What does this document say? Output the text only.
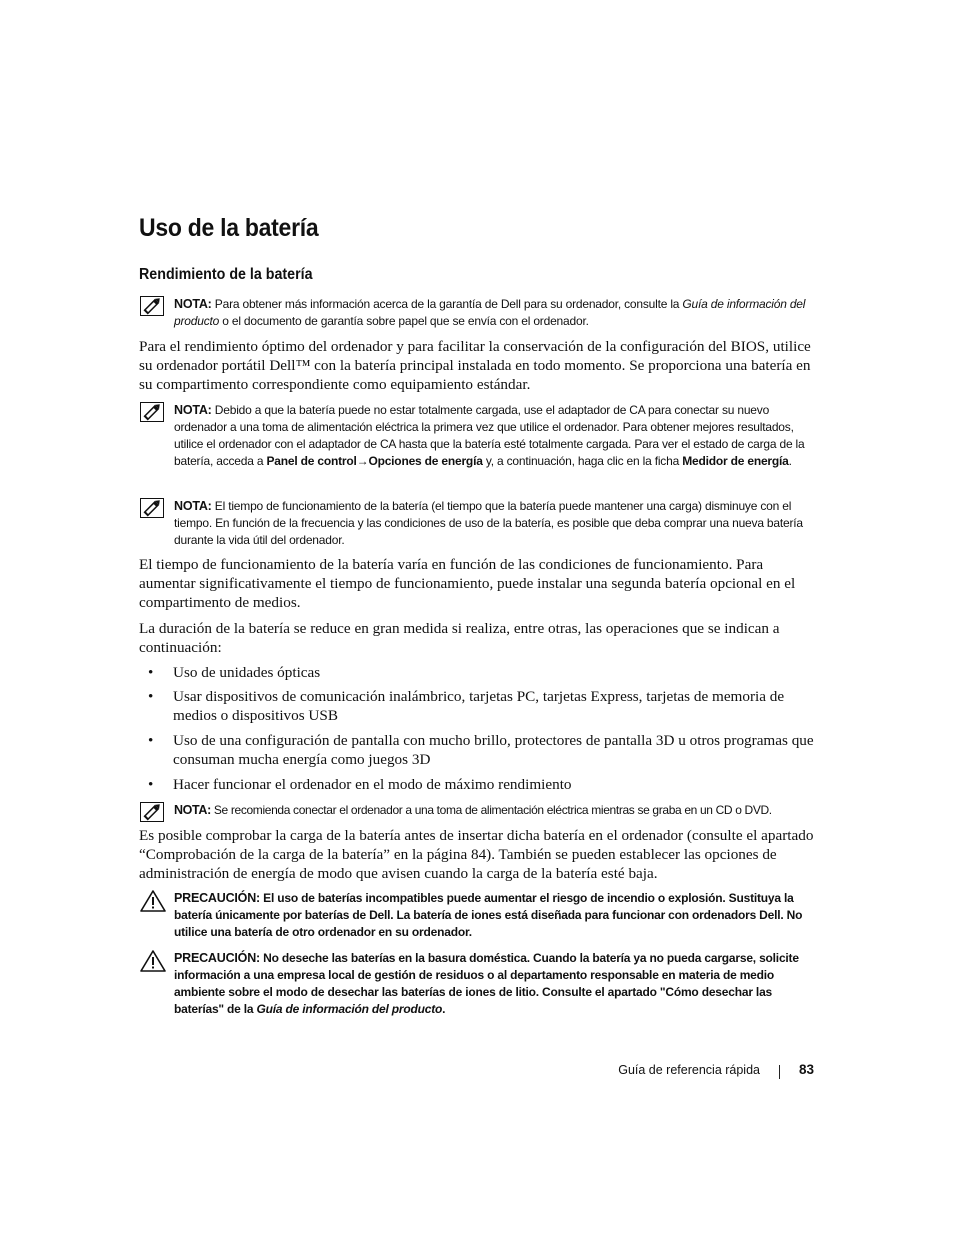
Uso de la batería
Rendimiento de la batería
NOTA: Para obtener más información acerca de la garantía de Dell para su ordenador, consulte la Guía de información del producto o el documento de garantía sobre papel que se envía con el ordenador.

Para el rendimiento óptimo del ordenador y para facilitar la conservación de la configuración del BIOS, utilice su ordenador portátil Dell™ con la batería principal instalada en todo momento. Se proporciona una batería en su compartimento correspondiente como equipamiento estándar.

NOTA: Debido a que la batería puede no estar totalmente cargada, use el adaptador de CA para conectar su nuevo ordenador a una toma de alimentación eléctrica la primera vez que utilice el ordenador. Para obtener mejores resultados, utilice el ordenador con el adaptador de CA hasta que la batería esté totalmente cargada. Para ver el estado de carga de la batería, acceda a Panel de control→Opciones de energía y, a continuación, haga clic en la ficha Medidor de energía.
NOTA: El tiempo de funcionamiento de la batería (el tiempo que la batería puede mantener una carga) disminuye con el tiempo. En función de la frecuencia y las condiciones de uso de la batería, es posible que deba comprar una nueva batería durante la vida útil del ordenador.

El tiempo de funcionamiento de la batería varía en función de las condiciones de funcionamiento. Para aumentar significativamente el tiempo de funcionamiento, puede instalar una segunda batería opcional en el compartimento de medios.

La duración de la batería se reduce en gran medida si realiza, entre otras, las operaciones que se indican a continuación:

• Uso de unidades ópticas
• Usar dispositivos de comunicación inalámbrico, tarjetas PC, tarjetas Express, tarjetas de memoria de medios o dispositivos USB
• Uso de una configuración de pantalla con mucho brillo, protectores de pantalla 3D u otros programas que consuman mucha energía como juegos 3D
• Hacer funcionar el ordenador en el modo de máximo rendimiento
NOTA: Se recomienda conectar el ordenador a una toma de alimentación eléctrica mientras se graba en un CD o DVD.

Es posible comprobar la carga de la batería antes de insertar dicha batería en el ordenador (consulte el apartado “Comprobación de la carga de la batería” en la página 84). También se pueden establecer las opciones de administración de energía de modo que avisen cuando la carga de la batería esté baja.

PRECAUCIÓN: El uso de baterías incompatibles puede aumentar el riesgo de incendio o explosión. Sustituya la batería únicamente por baterías de Dell. La batería de iones está diseñada para funcionar con ordenadors Dell. No utilice una batería de otro ordenador en su ordenador.
PRECAUCIÓN: No deseche las baterías en la basura doméstica. Cuando la batería ya no pueda cargarse, solicite información a una empresa local de gestión de residuos o al departamento responsable en materia de medio ambiente sobre el modo de desechar las baterías de iones de litio. Consulte el apartado "Cómo desechar las baterías" de la Guía de información del producto.
Guía de referencia rápida	83
